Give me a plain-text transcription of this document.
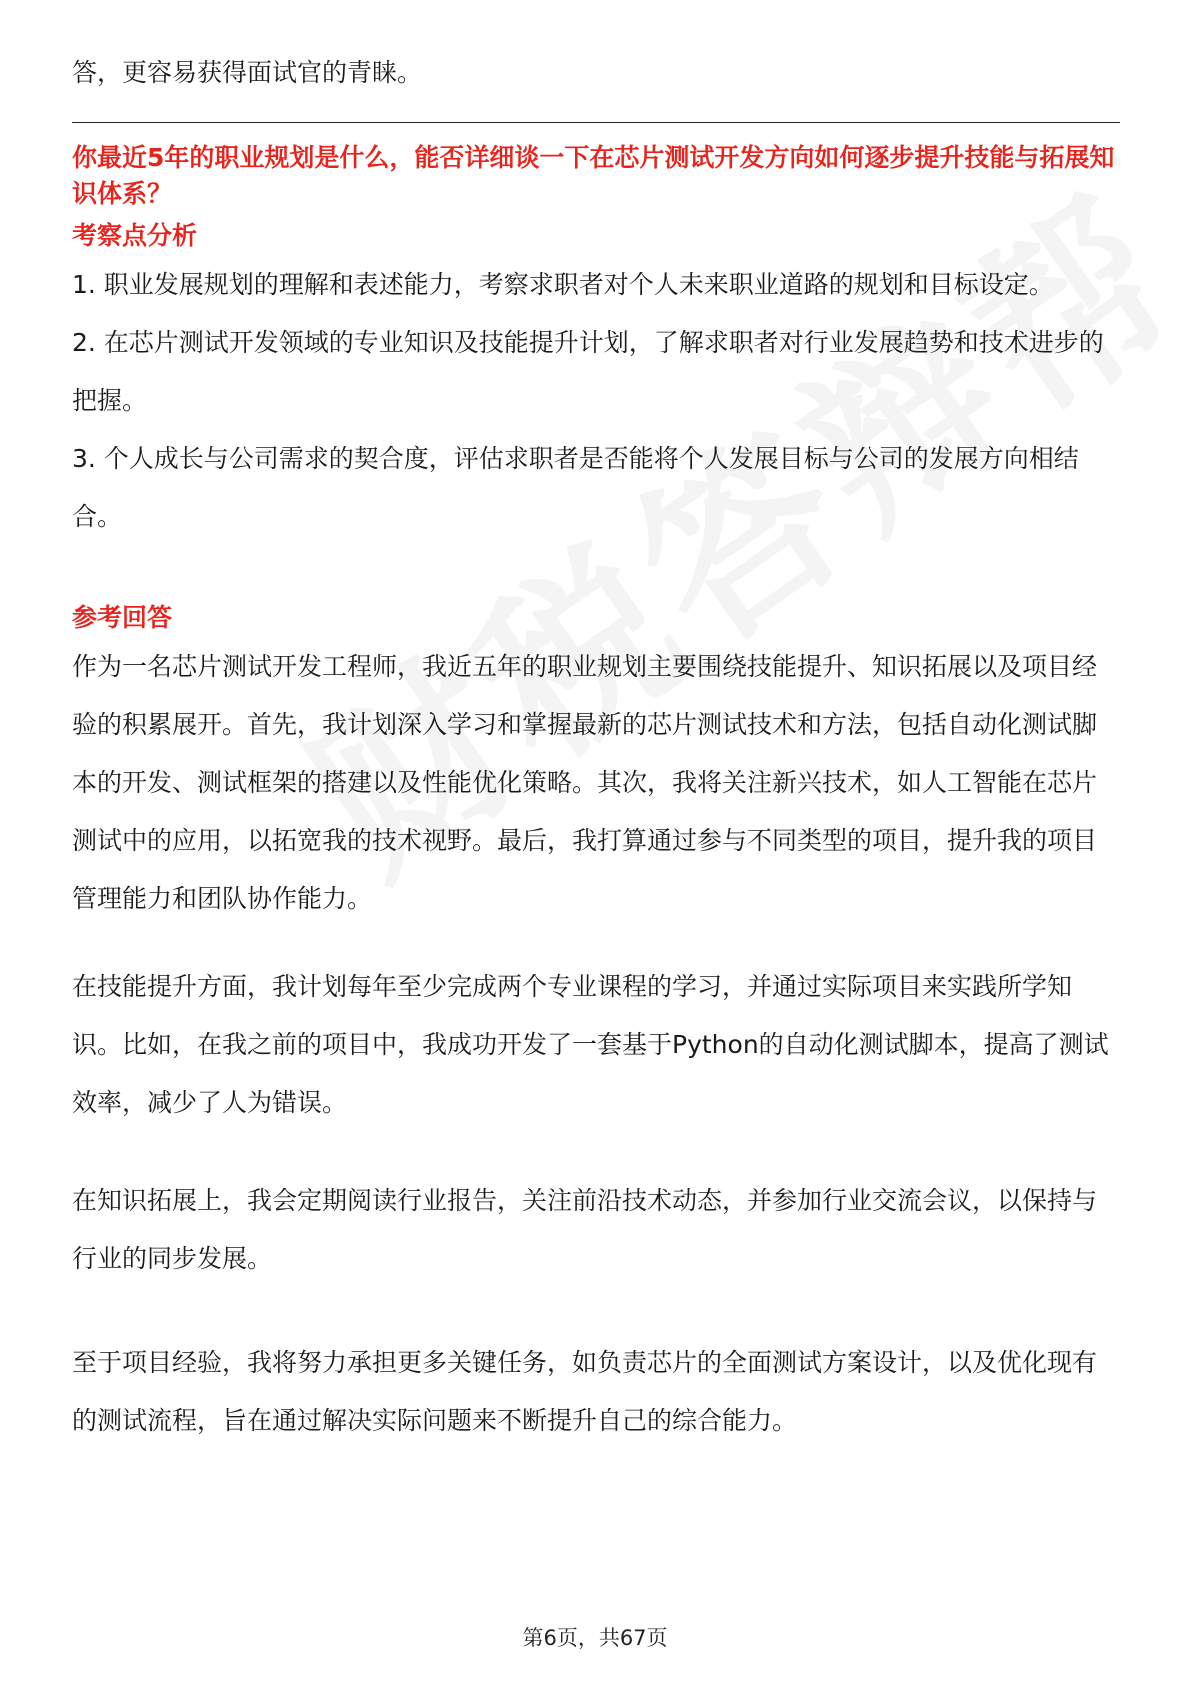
答，更容易获得面试官的青睐。
你最近5年的职业规划是什么，能否详细谈一下在芯片测试开发方向如何逐步提升技能与拓展知识体系？
考察点分析

1. 职业发展规划的理解和表述能力，考察求职者对个人未来职业道路的规划和目标设定。

2. 在芯片测试开发领域的专业知识及技能提升计划，了解求职者对行业发展趋势和技术进步的把握。

3. 个人成长与公司需求的契合度，评估求职者是否能将个人发展目标与公司的发展方向相结合。

参考回答

作为一名芯片测试开发工程师，我近五年的职业规划主要围绕技能提升、知识拓展以及项目经验的积累展开。首先，我计划深入学习和掌握最新的芯片测试技术和方法，包括自动化测试脚本的开发、测试框架的搭建以及性能优化策略。其次，我将关注新兴技术，如人工智能在芯片测试中的应用，以拓宽我的技术视野。最后，我打算通过参与不同类型的项目，提升我的项目管理能力和团队协作能力。

在技能提升方面，我计划每年至少完成两个专业课程的学习，并通过实际项目来实践所学知识。比如，在我之前的项目中，我成功开发了一套基于Python的自动化测试脚本，提高了测试效率，减少了人为错误。

在知识拓展上，我会定期阅读行业报告，关注前沿技术动态，并参加行业交流会议，以保持与行业的同步发展。

至于项目经验，我将努力承担更多关键任务，如负责芯片的全面测试方案设计，以及优化现有的测试流程，旨在通过解决实际问题来不断提升自己的综合能力。

第6页，共67页
